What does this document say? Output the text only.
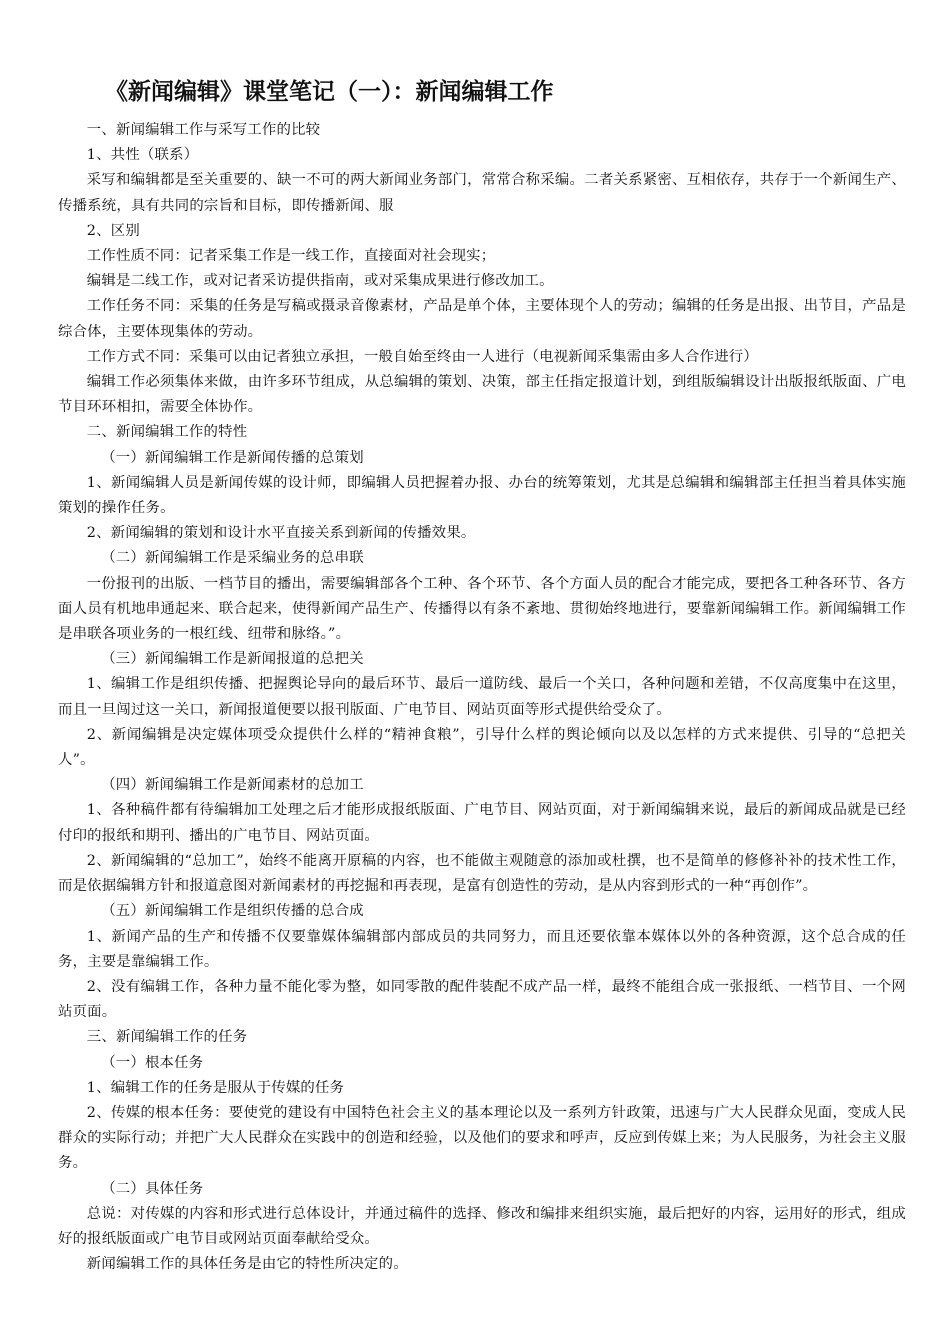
《新闻编辑》课堂笔记（一）：新闻编辑工作

一、新闻编辑工作与采写工作的比较

1、共性（联系）

采写和编辑都是至关重要的、缺一不可的两大新闻业务部门，常常合称采编。二者关系紧密、互相依存，共存于一个新闻生产、传播系统，具有共同的宗旨和目标，即传播新闻、服

2、区别

工作性质不同：记者采集工作是一线工作，直接面对社会现实；

编辑是二线工作，或对记者采访提供指南，或对采集成果进行修改加工。

工作任务不同：采集的任务是写稿或摄录音像素材，产品是单个体，主要体现个人的劳动；编辑的任务是出报、出节目，产品是综合体，主要体现集体的劳动。

工作方式不同：采集可以由记者独立承担，一般自始至终由一人进行（电视新闻采集需由多人合作进行）

编辑工作必须集体来做，由许多环节组成，从总编辑的策划、决策，部主任指定报道计划，到组版编辑设计出版报纸版面、广电节目环环相扣，需要全体协作。

二、新闻编辑工作的特性

（一）新闻编辑工作是新闻传播的总策划

1、新闻编辑人员是新闻传媒的设计师，即编辑人员把握着办报、办台的统筹策划，尤其是总编辑和编辑部主任担当着具体实施策划的操作任务。

2、新闻编辑的策划和设计水平直接关系到新闻的传播效果。

（二）新闻编辑工作是采编业务的总串联

一份报刊的出版、一档节目的播出，需要编辑部各个工种、各个环节、各个方面人员的配合才能完成，要把各工种各环节、各方面人员有机地串通起来、联合起来，使得新闻产品生产、传播得以有条不紊地、贯彻始终地进行，要靠新闻编辑工作。新闻编辑工作是串联各项业务的一根红线、纽带和脉络。”。

（三）新闻编辑工作是新闻报道的总把关

1、编辑工作是组织传播、把握舆论导向的最后环节、最后一道防线、最后一个关口，各种问题和差错，不仅高度集中在这里，而且一旦闯过这一关口，新闻报道便要以报刊版面、广电节目、网站页面等形式提供给受众了。

2、新闻编辑是决定媒体项受众提供什么样的“精神食粮”，引导什么样的舆论倾向以及以怎样的方式来提供、引导的“总把关人”。

（四）新闻编辑工作是新闻素材的总加工

1、各种稿件都有待编辑加工处理之后才能形成报纸版面、广电节目、网站页面，对于新闻编辑来说，最后的新闻成品就是已经付印的报纸和期刊、播出的广电节目、网站页面。

2、新闻编辑的“总加工”，始终不能离开原稿的内容，也不能做主观随意的添加或杜撰，也不是简单的修修补补的技术性工作，而是依据编辑方针和报道意图对新闻素材的再挖掘和再表现，是富有创造性的劳动，是从内容到形式的一种“再创作”。

（五）新闻编辑工作是组织传播的总合成

1、新闻产品的生产和传播不仅要靠媒体编辑部内部成员的共同努力，而且还要依靠本媒体以外的各种资源，这个总合成的任务，主要是靠编辑工作。

2、没有编辑工作，各种力量不能化零为整，如同零散的配件装配不成产品一样，最终不能组合成一张报纸、一档节目、一个网站页面。

三、新闻编辑工作的任务

（一）根本任务

1、编辑工作的任务是服从于传媒的任务

2、传媒的根本任务：要使党的建设有中国特色社会主义的基本理论以及一系列方针政策，迅速与广大人民群众见面，变成人民群众的实际行动；并把广大人民群众在实践中的创造和经验，以及他们的要求和呼声，反应到传媒上来；为人民服务，为社会主义服务。

（二）具体任务

总说：对传媒的内容和形式进行总体设计，并通过稿件的选择、修改和编排来组织实施，最后把好的内容，运用好的形式，组成好的报纸版面或广电节目或网站页面奉献给受众。

新闻编辑工作的具体任务是由它的特性所决定的。
